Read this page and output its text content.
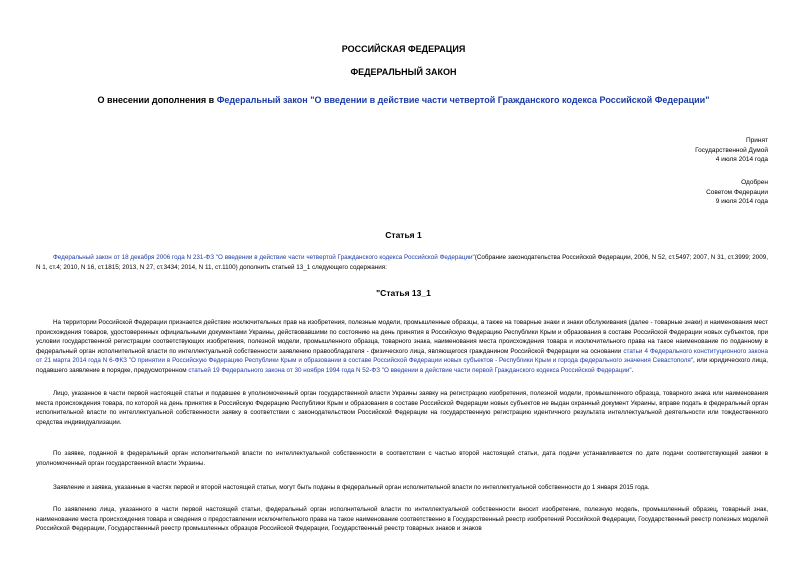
РОССИЙСКАЯ ФЕДЕРАЦИЯ
ФЕДЕРАЛЬНЫЙ ЗАКОН
О внесении дополнения в Федеральный закон "О введении в действие части четвертой Гражданского кодекса Российской Федерации"
Принят
Государственной Думой
4 июля 2014 года
Одобрен
Советом Федерации
9 июля 2014 года
Статья 1
Федеральный закон от 18 декабря 2006 года N 231-ФЗ "О введении в действие части четвертой Гражданского кодекса Российской Федерации"(Собрание законодательства Российской Федерации, 2006, N 52, ст.5497; 2007, N 31, ст.3999; 2009, N 1, ст.4; 2010, N 16, ст.1815; 2013, N 27, ст.3434; 2014, N 11, ст.1100) дополнить статьей 13_1 следующего содержания:
"Статья 13_1
На территории Российской Федерации признается действие исключительных прав на изобретения, полезные модели, промышленные образцы, а также на товарные знаки и знаки обслуживания (далее - товарные знаки) и наименования мест происхождения товаров, удостоверенных официальными документами Украины, действовавшими по состоянию на день принятия в Российскую Федерацию Республики Крым и образования в составе Российской Федерации новых субъектов, при условии государственной регистрации соответствующих изобретения, полезной модели, промышленного образца, товарного знака, наименования места происхождения товара и исключительного права на такое наименование по поданному в федеральный орган исполнительной власти по интеллектуальной собственности заявлению правообладателя - физического лица, являющегося гражданином Российской Федерации на основании статьи 4 Федерального конституционного закона от 21 марта 2014 года N 6-ФКЗ "О принятии в Российскую Федерацию Республики Крым и образовании в составе Российской Федерации новых субъектов - Республики Крым и города федерального значения Севастополя", или юридического лица, подавшего заявление в порядке, предусмотренном статьей 19 Федерального закона от 30 ноября 1994 года N 52-ФЗ "О введении в действие части первой Гражданского кодекса Российской Федерации".
Лицо, указанное в части первой настоящей статьи и подавшее в уполномоченный орган государственной власти Украины заявку на регистрацию изобретения, полезной модели, промышленного образца, товарного знака или наименования места происхождения товара, по которой на день принятия в Российскую Федерацию Республики Крым и образования в составе Российской Федерации новых субъектов не выдан охранный документ Украины, вправе подать в федеральный орган исполнительной власти по интеллектуальной собственности заявку в соответствии с законодательством Российской Федерации на государственную регистрацию идентичного результата интеллектуальной деятельности или тождественного средства индивидуализации.
По заявке, поданной в федеральный орган исполнительной власти по интеллектуальной собственности в соответствии с частью второй настоящей статьи, дата подачи устанавливается по дате подачи соответствующей заявки в уполномоченный орган государственной власти Украины.
Заявление и заявка, указанные в частях первой и второй настоящей статьи, могут быть поданы в федеральный орган исполнительной власти по интеллектуальной собственности до 1 января 2015 года.
По заявлению лица, указанного в части первой настоящей статьи, федеральный орган исполнительной власти по интеллектуальной собственности вносит изобретение, полезную модель, промышленный образец, товарный знак, наименование места происхождения товара и сведения о предоставлении исключительного права на такое наименование соответственно в Государственный реестр изобретений Российской Федерации, Государственный реестр полезных моделей Российской Федерации, Государственный реестр промышленных образцов Российской Федерации, Государственный реестр товарных знаков и знаков
